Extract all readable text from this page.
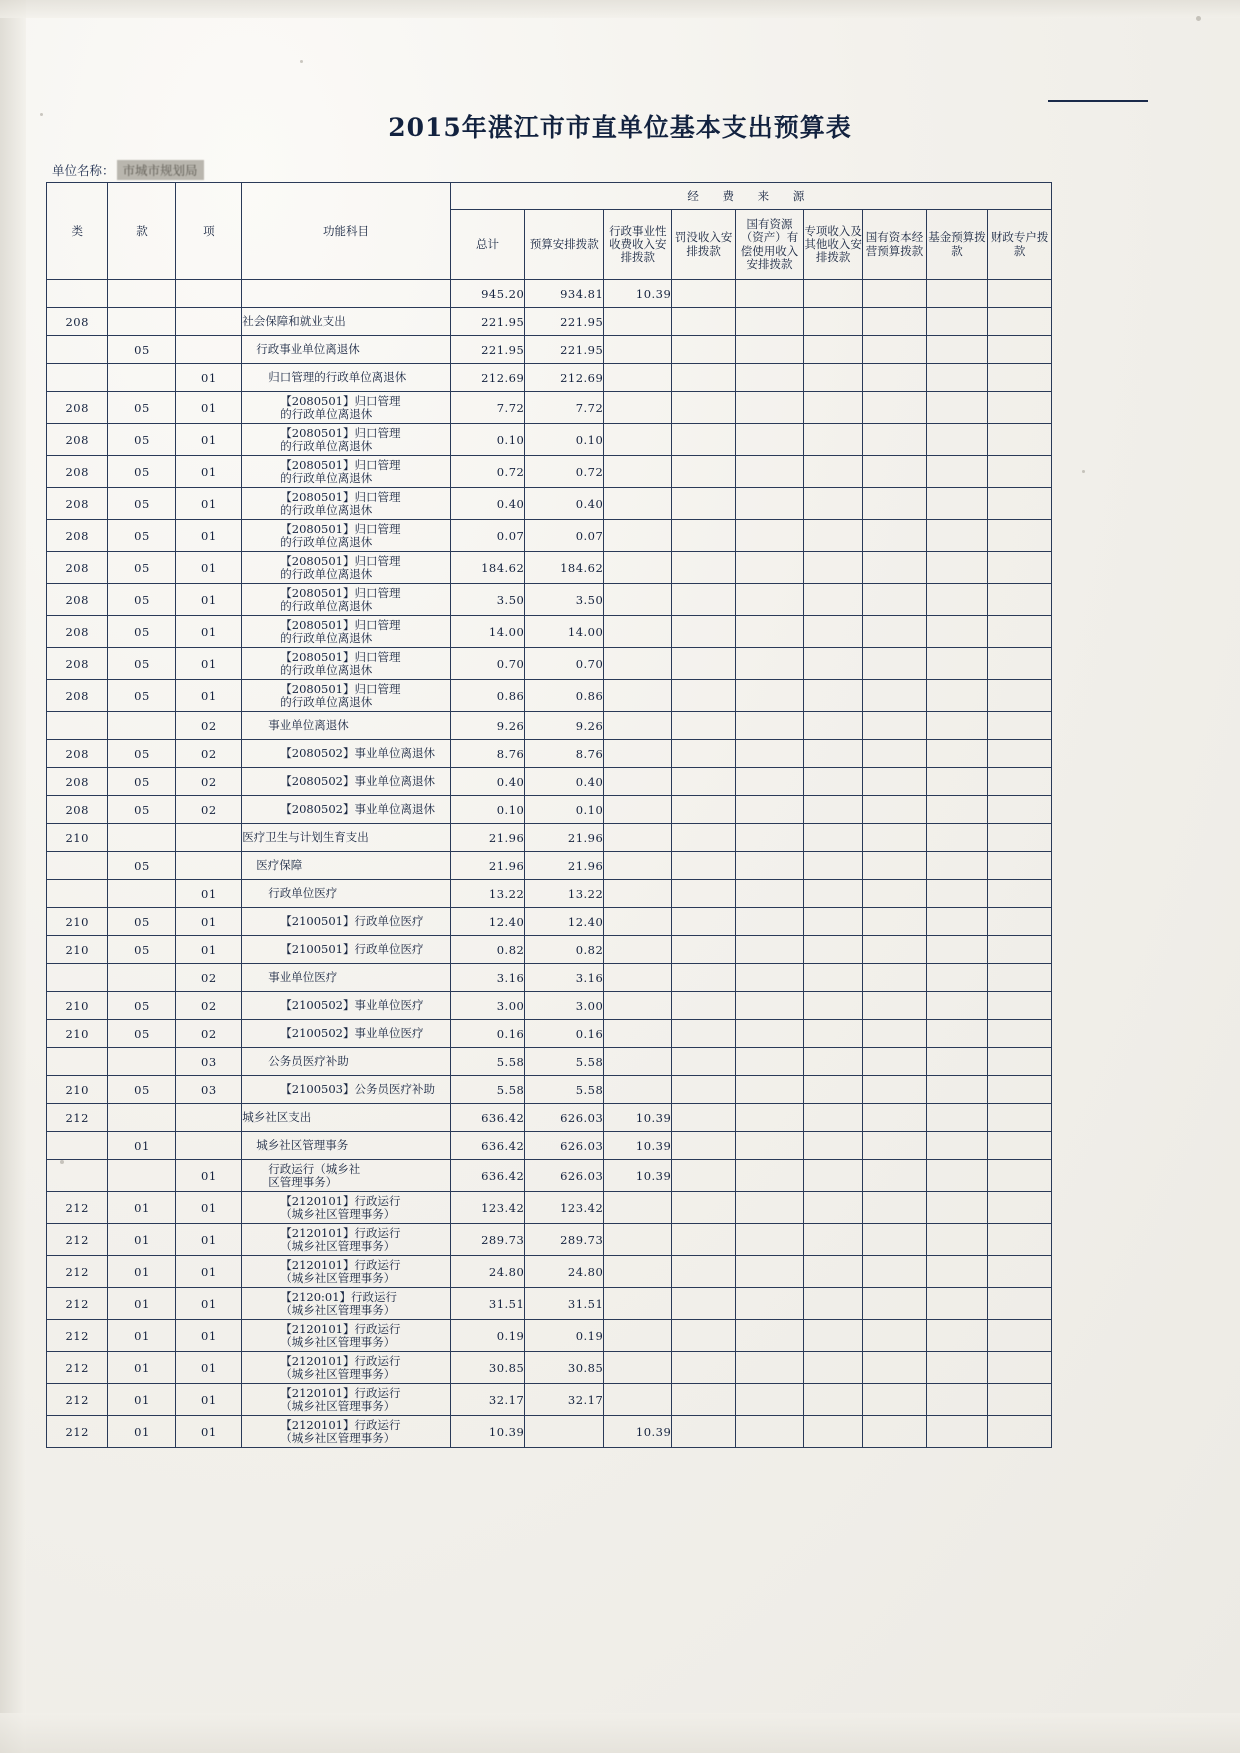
2015年湛江市市直单位基本支出预算表
单位名称： 市城市规划局
类	款	项	功能科目	经 费 来 源								
				总计	预算安排拨款	行政事业性收费收入安排拨款	罚没收入安排拨款	国有资源（资产）有偿使用收入安排拨款	专项收入及其他收入安排拨款	国有资本经营预算拨款	基金预算拨款	财政专户拨款
				945.20	934.81	10.39						
208			社会保障和就业支出	221.95	221.95							
	05		行政事业单位离退休	221.95	221.95							
		01	归口管理的行政单位离退休	212.69	212.69							
208	05	01	【2080501】归口管理
的行政单位离退休	7.72	7.72							
208	05	01	【2080501】归口管理
的行政单位离退休	0.10	0.10							
208	05	01	【2080501】归口管理
的行政单位离退休	0.72	0.72							
208	05	01	【2080501】归口管理
的行政单位离退休	0.40	0.40							
208	05	01	【2080501】归口管理
的行政单位离退休	0.07	0.07							
208	05	01	【2080501】归口管理
的行政单位离退休	184.62	184.62							
208	05	01	【2080501】归口管理
的行政单位离退休	3.50	3.50							
208	05	01	【2080501】归口管理
的行政单位离退休	14.00	14.00							
208	05	01	【2080501】归口管理
的行政单位离退休	0.70	0.70							
208	05	01	【2080501】归口管理
的行政单位离退休	0.86	0.86							
		02	事业单位离退休	9.26	9.26							
208	05	02	【2080502】事业单位离退休	8.76	8.76							
208	05	02	【2080502】事业单位离退休	0.40	0.40							
208	05	02	【2080502】事业单位离退休	0.10	0.10							
210			医疗卫生与计划生育支出	21.96	21.96							
	05		医疗保障	21.96	21.96							
		01	行政单位医疗	13.22	13.22							
210	05	01	【2100501】行政单位医疗	12.40	12.40							
210	05	01	【2100501】行政单位医疗	0.82	0.82							
		02	事业单位医疗	3.16	3.16							
210	05	02	【2100502】事业单位医疗	3.00	3.00							
210	05	02	【2100502】事业单位医疗	0.16	0.16							
		03	公务员医疗补助	5.58	5.58							
210	05	03	【2100503】公务员医疗补助	5.58	5.58							
212			城乡社区支出	636.42	626.03	10.39						
	01		城乡社区管理事务	636.42	626.03	10.39						
		01	行政运行（城乡社
区管理事务）	636.42	626.03	10.39						
212	01	01	【2120101】行政运行
（城乡社区管理事务）	123.42	123.42							
212	01	01	【2120101】行政运行
（城乡社区管理事务）	289.73	289.73							
212	01	01	【2120101】行政运行
（城乡社区管理事务）	24.80	24.80							
212	01	01	【2120:01】行政运行
（城乡社区管理事务）	31.51	31.51							
212	01	01	【2120101】行政运行
（城乡社区管理事务）	0.19	0.19							
212	01	01	【2120101】行政运行
（城乡社区管理事务）	30.85	30.85							
212	01	01	【2120101】行政运行
（城乡社区管理事务）	32.17	32.17							
212	01	01	【2120101】行政运行
（城乡社区管理事务）	10.39		10.39						
